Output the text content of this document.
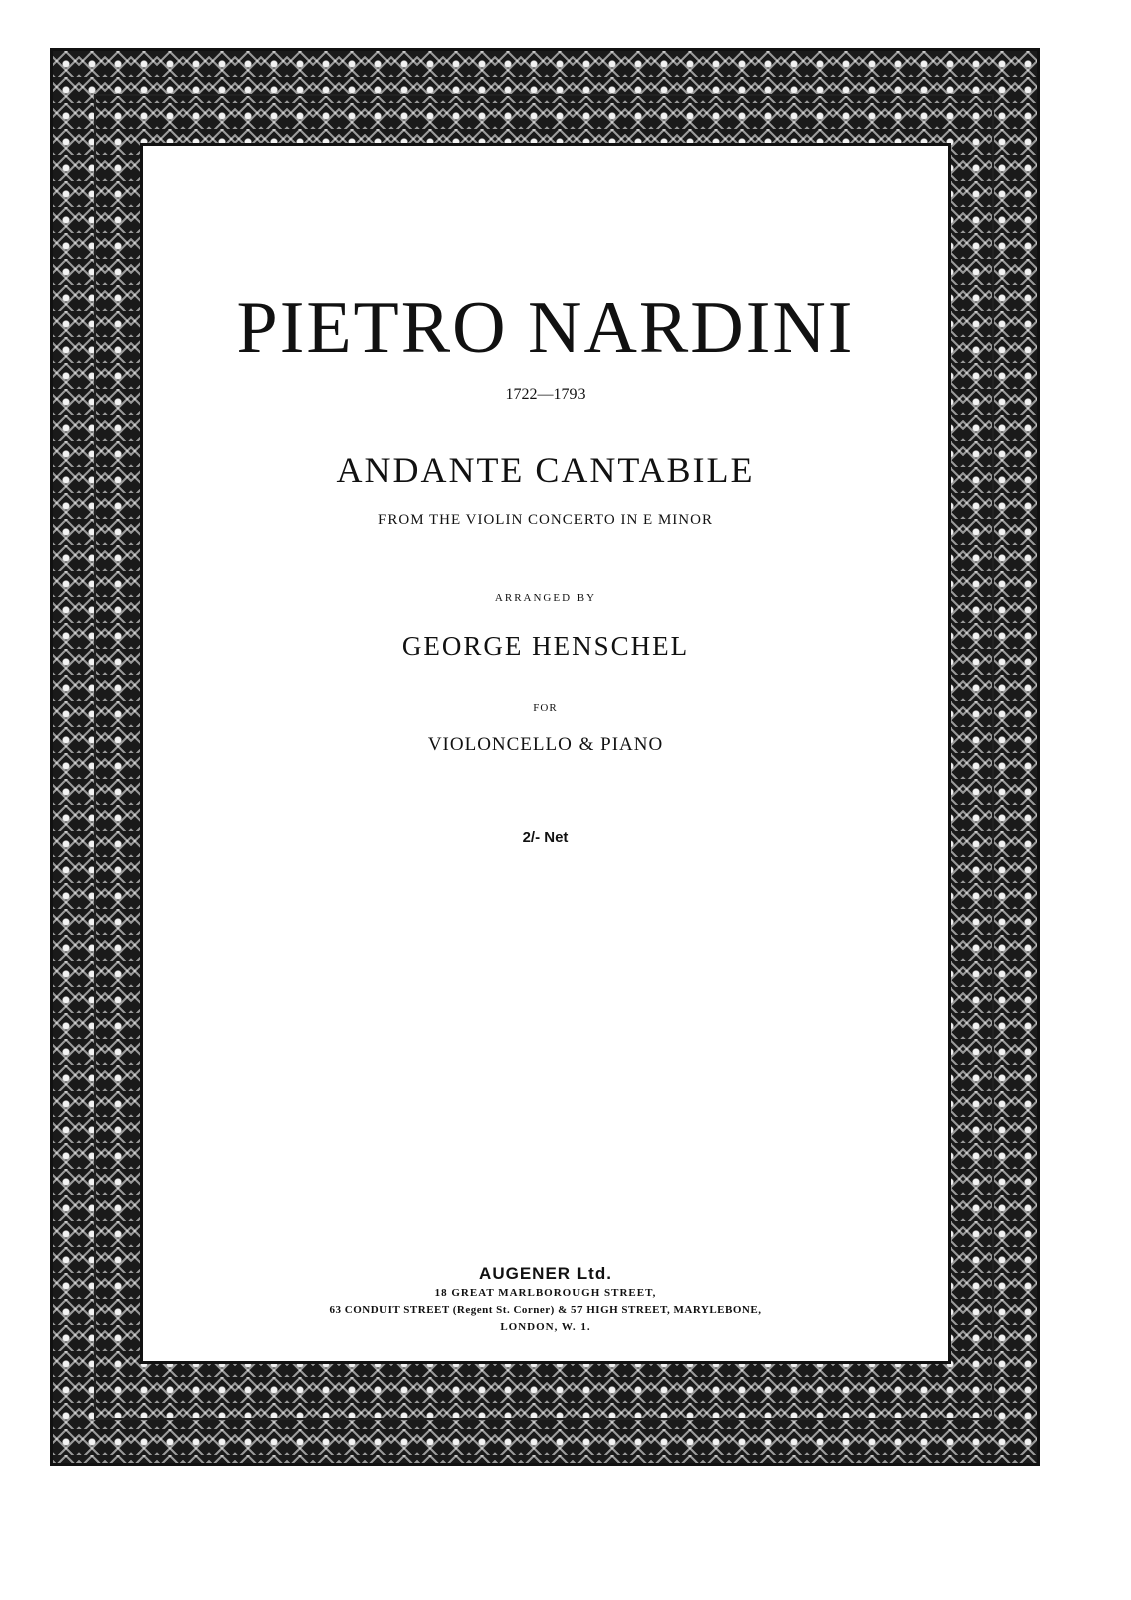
PIETRO NARDINI
1722—1793
ANDANTE CANTABILE
FROM THE VIOLIN CONCERTO IN E MINOR
ARRANGED BY
GEORGE HENSCHEL
FOR
VIOLONCELLO & PIANO
2/- Net
AUGENER Ltd.
18 GREAT MARLBOROUGH STREET,
63 CONDUIT STREET (Regent St. Corner) & 57 HIGH STREET, MARYLEBONE,
LONDON, W. 1.
